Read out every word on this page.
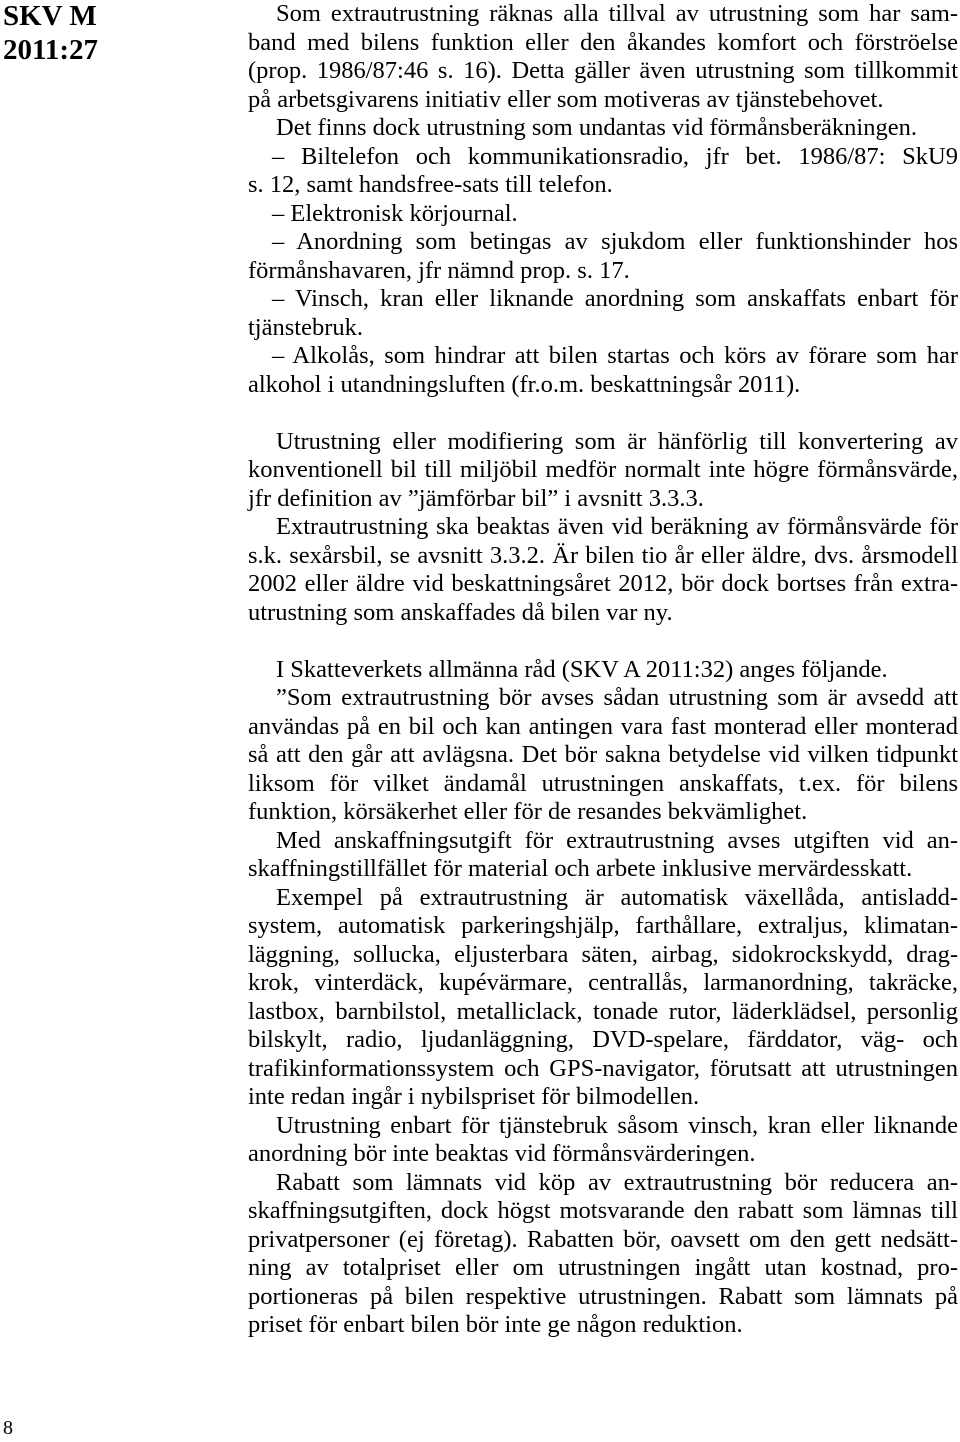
SKV M
2011:27
Som extrautrustning räknas alla tillval av utrustning som har sam-
band med bilens funktion eller den åkandes komfort och förströelse
(prop. 1986/87:46 s. 16). Detta gäller även utrustning som tillkommit
på arbetsgivarens initiativ eller som motiveras av tjänstebehovet.
Det finns dock utrustning som undantas vid förmånsberäkningen.
– Biltelefon och kommunikationsradio, jfr bet. 1986/87: SkU9
s. 12, samt handsfree-sats till telefon.
– Elektronisk körjournal.
– Anordning som betingas av sjukdom eller funktionshinder hos
förmånshavaren, jfr nämnd prop. s. 17.
– Vinsch, kran eller liknande anordning som anskaffats enbart för
tjänstebruk.
– Alkolås, som hindrar att bilen startas och körs av förare som har
alkohol i utandningsluften (fr.o.m. beskattningsår 2011).
Utrustning eller modifiering som är hänförlig till konvertering av
konventionell bil till miljöbil medför normalt inte högre förmånsvärde,
jfr definition av ”jämförbar bil” i avsnitt 3.3.3.
Extrautrustning ska beaktas även vid beräkning av förmånsvärde för
s.k. sexårsbil, se avsnitt 3.3.2. Är bilen tio år eller äldre, dvs. årsmodell
2002 eller äldre vid beskattningsåret 2012, bör dock bortses från extra-
utrustning som anskaffades då bilen var ny.
I Skatteverkets allmänna råd (SKV A 2011:32) anges följande.
”Som extrautrustning bör avses sådan utrustning som är avsedd att
användas på en bil och kan antingen vara fast monterad eller monterad
så att den går att avlägsna. Det bör sakna betydelse vid vilken tidpunkt
liksom för vilket ändamål utrustningen anskaffats, t.ex. för bilens
funktion, körsäkerhet eller för de resandes bekvämlighet.
Med anskaffningsutgift för extrautrustning avses utgiften vid an-
skaffningstillfället för material och arbete inklusive mervärdesskatt.
Exempel på extrautrustning är automatisk växellåda, antisladd-
system, automatisk parkeringshjälp, farthållare, extraljus, klimatan-
läggning, sollucka, eljusterbara säten, airbag, sidokrockskydd, drag-
krok, vinterdäck, kupévärmare, centrallås, larmanordning, takräcke,
lastbox, barnbilstol, metalliclack, tonade rutor, läderklädsel, personlig
bilskylt, radio, ljudanläggning, DVD-spelare, färddator, väg- och
trafikinformationssystem och GPS-navigator, förutsatt att utrustningen
inte redan ingår i nybilspriset för bilmodellen.
Utrustning enbart för tjänstebruk såsom vinsch, kran eller liknande
anordning bör inte beaktas vid förmånsvärderingen.
Rabatt som lämnats vid köp av extrautrustning bör reducera an-
skaffningsutgiften, dock högst motsvarande den rabatt som lämnas till
privatpersoner (ej företag). Rabatten bör, oavsett om den gett nedsätt-
ning av totalpriset eller om utrustningen ingått utan kostnad, pro-
portioneras på bilen respektive utrustningen. Rabatt som lämnats på
priset för enbart bilen bör inte ge någon reduktion.
8
